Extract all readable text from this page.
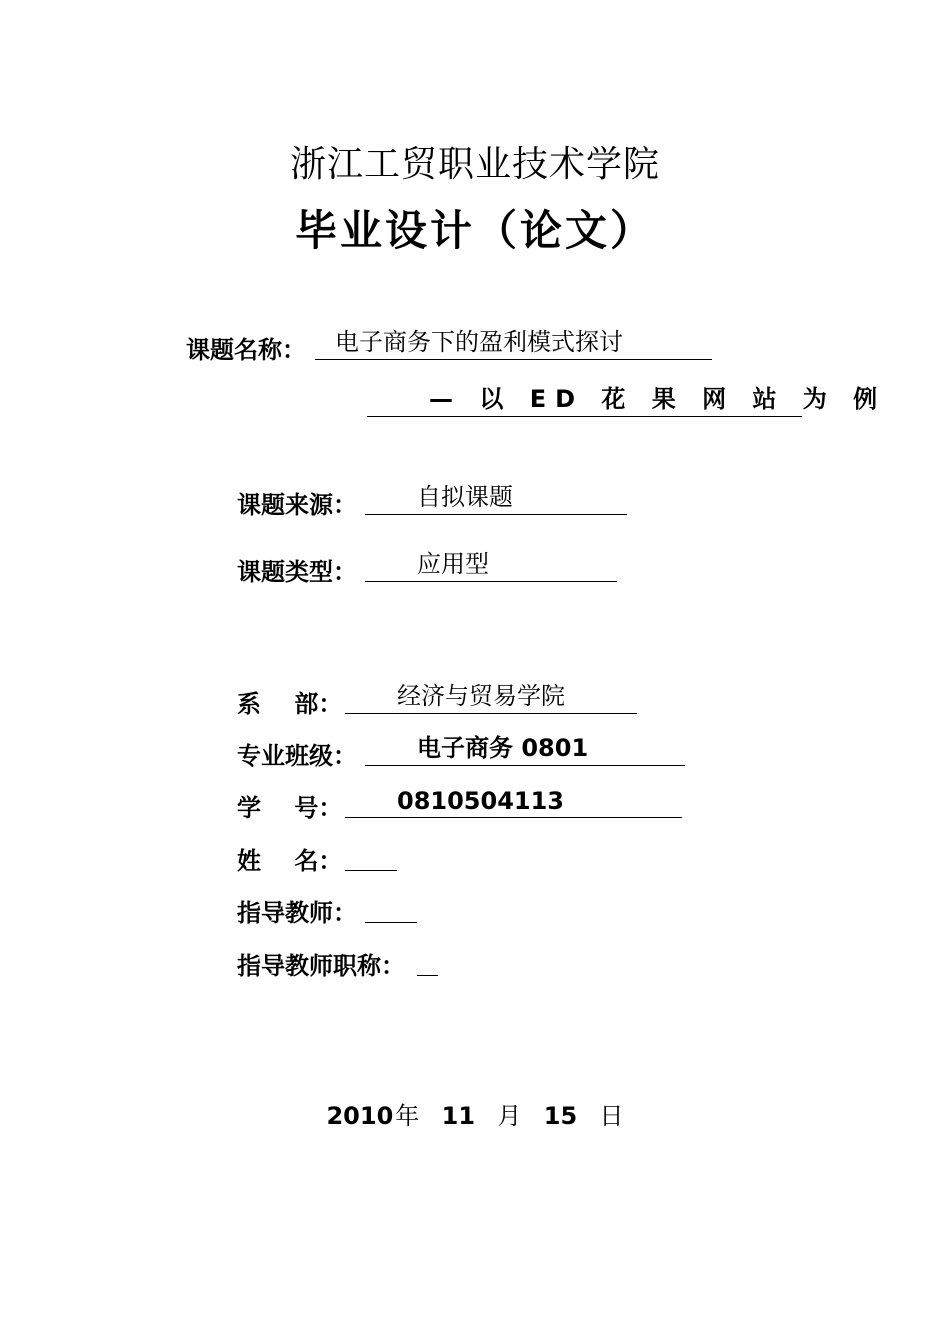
浙江工贸职业技术学院
毕业设计（论文）
课题名称： 电子商务下的盈利模式探讨
— 以 ED 花 果 网 站 为 例
课题来源：	自拟课题
课题类型：	应用型
系    部： 经济与贸易学院
专业班级：	电子商务 0801
学    号： 0810504113
姓    名：
指导教师：
指导教师职称：
2010年 11 月 15 日
